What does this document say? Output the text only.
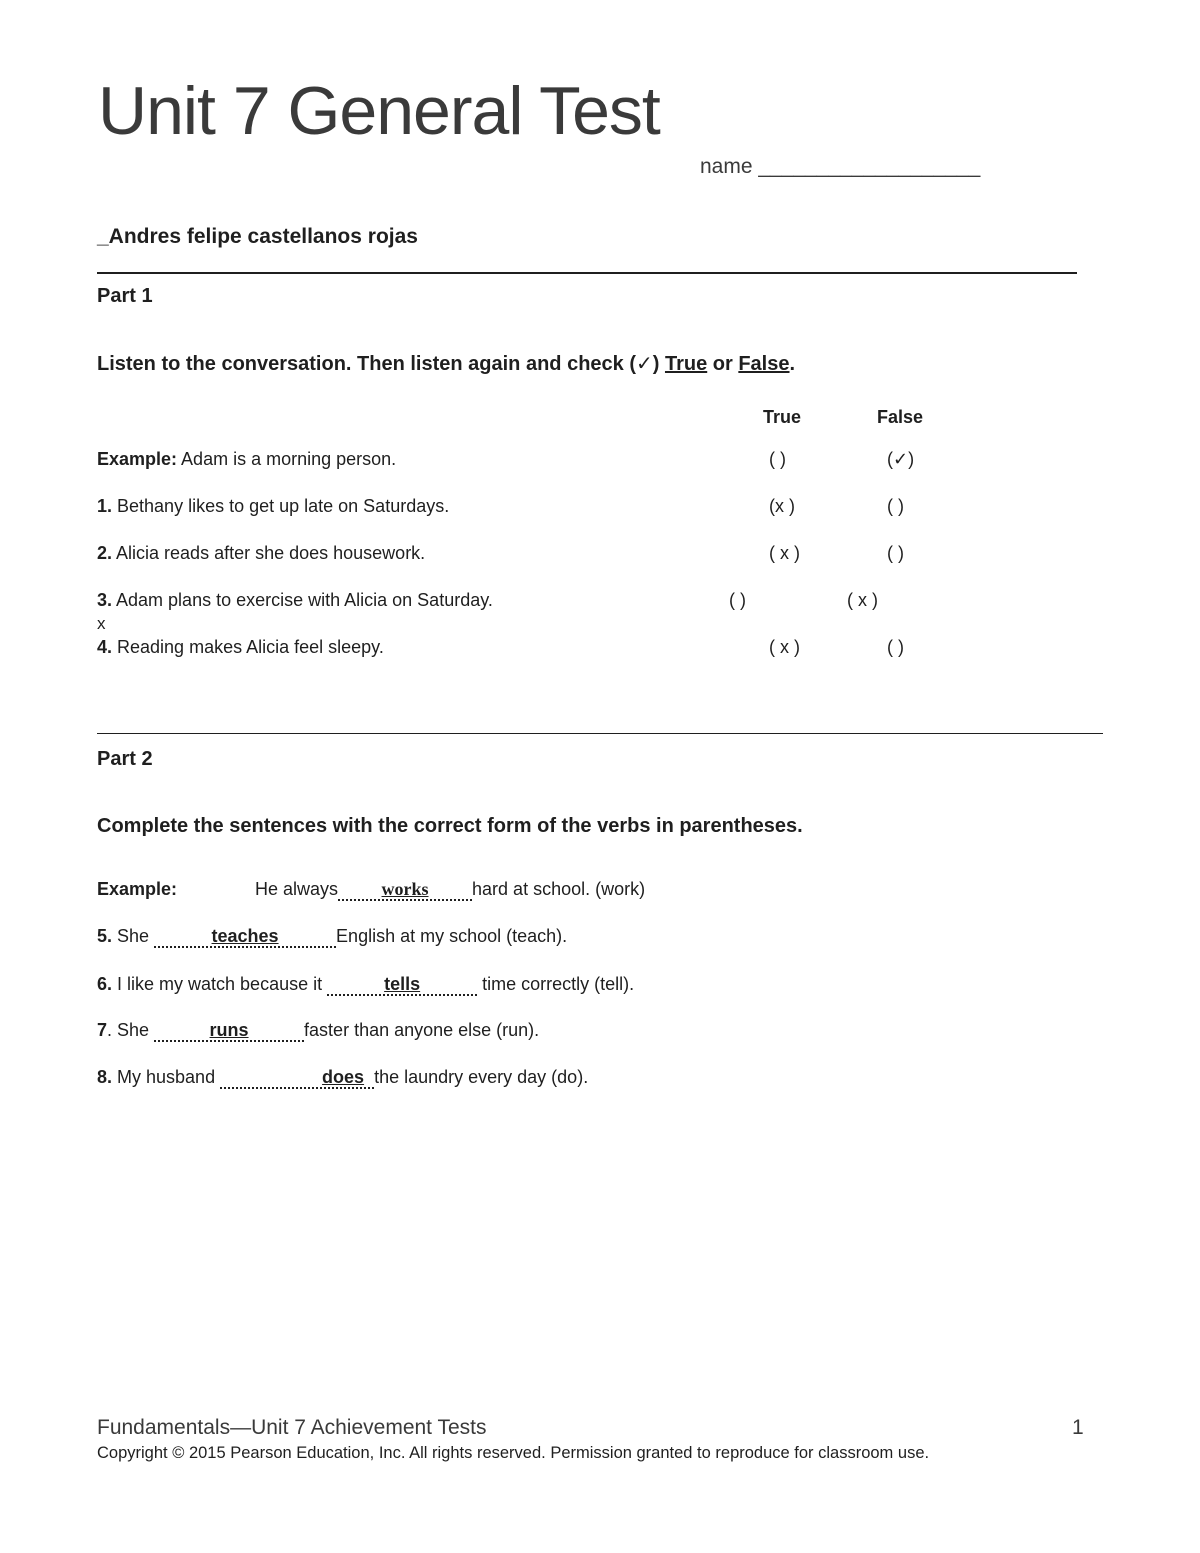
Unit 7 General Test
name ___________________
_Andres felipe castellanos rojas
Part 1
Listen to the conversation. Then listen again and check (✓) True or False.
True	False
Example: Adam is a morning person.	( )	(✓)
1. Bethany likes to get up late on Saturdays.	(x )	( )
2. Alicia reads after she does housework.	( x )	( )
3. Adam plans to exercise with Alicia on Saturday.	( )	( x )
x
4. Reading makes Alicia feel sleepy.	( x )	( )
Part 2
Complete the sentences with the correct form of the verbs in parentheses.
Example:	He always works hard at school. (work)
5. She	teaches	English at my school (teach).
6. I like my watch because it	tells	time correctly (tell).
7. She	runs	faster than anyone else (run).
8. My husband	does the laundry every day (do).
Fundamentals—Unit 7 Achievement Tests	1
Copyright © 2015 Pearson Education, Inc. All rights reserved. Permission granted to reproduce for classroom use.
